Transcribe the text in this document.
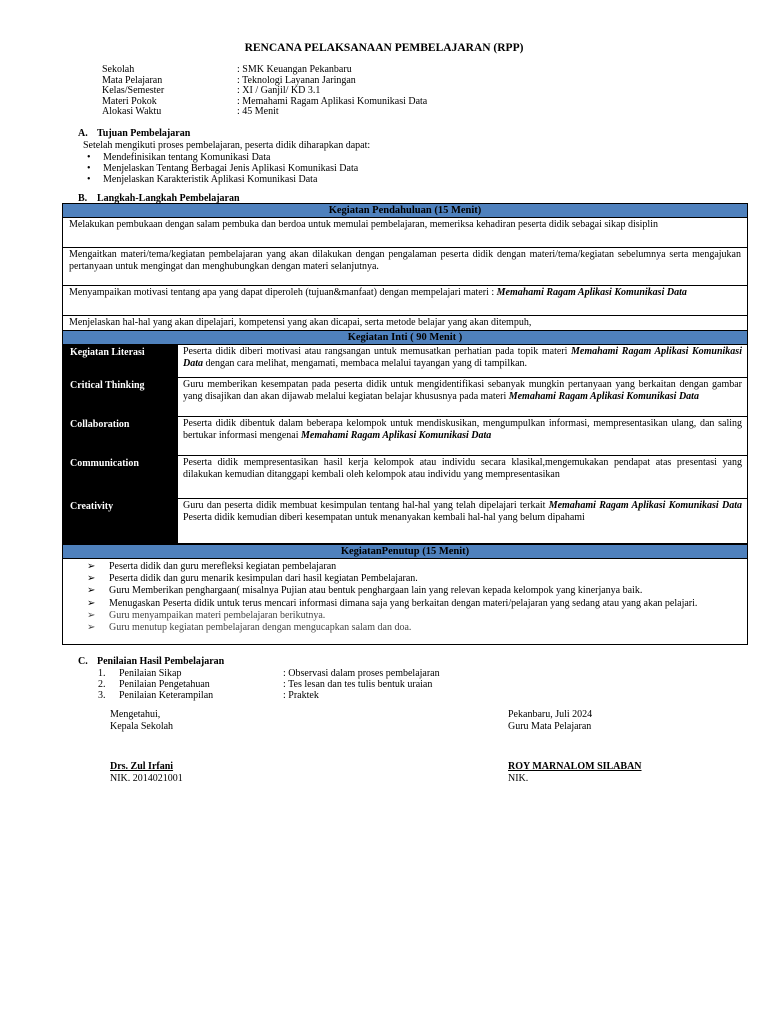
RENCANA PELAKSANAAN PEMBELAJARAN (RPP)
Sekolah	: SMK Keuangan Pekanbaru
Mata Pelajaran	: Teknologi Layanan Jaringan
Kelas/Semester	: XI / Ganjil/ KD 3.1
Materi Pokok	: Memahami Ragam Aplikasi Komunikasi Data
Alokasi Waktu	: 45 Menit
A. Tujuan Pembelajaran
Setelah mengikuti proses pembelajaran, peserta didik diharapkan dapat:
•	Mendefinisikan tentang Komunikasi Data
•	Menjelaskan Tentang Berbagai Jenis Aplikasi Komunikasi Data
•	Menjelaskan Karakteristik Aplikasi Komunikasi Data
B. Langkah-Langkah Pembelajaran
Kegiatan Pendahuluan (15 Menit)
Melakukan pembukaan dengan salam pembuka dan berdoa untuk memulai pembelajaran, memeriksa kehadiran peserta didik sebagai sikap disiplin
Mengaitkan materi/tema/kegiatan pembelajaran yang akan dilakukan dengan pengalaman peserta didik dengan materi/tema/kegiatan sebelumnya serta mengajukan pertanyaan untuk mengingat dan menghubungkan dengan materi selanjutnya.
Menyampaikan motivasi tentang apa yang dapat diperoleh (tujuan&manfaat) dengan mempelajari materi : Memahami Ragam Aplikasi Komunikasi Data
Menjelaskan hal-hal yang akan dipelajari, kompetensi yang akan dicapai, serta metode belajar yang akan ditempuh,
Kegiatan Inti ( 90 Menit )
Kegiatan Literasi	Peserta didik diberi motivasi atau rangsangan untuk memusatkan perhatian pada topik materi Memahami Ragam Aplikasi Komunikasi Data dengan cara melihat, mengamati, membaca melalui tayangan yang di tampilkan.
Critical Thinking	Guru memberikan kesempatan pada peserta didik untuk mengidentifikasi sebanyak mungkin pertanyaan yang berkaitan dengan gambar yang disajikan dan akan dijawab melalui kegiatan belajar khususnya pada materi Memahami Ragam Aplikasi Komunikasi Data
Collaboration	Peserta didik dibentuk dalam beberapa kelompok untuk mendiskusikan, mengumpulkan informasi, mempresentasikan ulang, dan saling bertukar informasi mengenai Memahami Ragam Aplikasi Komunikasi Data
Communication	Peserta didik mempresentasikan hasil kerja kelompok atau individu secara klasikal,mengemukakan pendapat atas presentasi yang dilakukan kemudian ditanggapi kembali oleh kelompok atau individu yang mempresentasikan
Creativity	Guru dan peserta didik membuat kesimpulan tentang hal-hal yang telah dipelajari terkait Memahami Ragam Aplikasi Komunikasi Data Peserta didik kemudian diberi kesempatan untuk menanyakan kembali hal-hal yang belum dipahami
KegiatanPenutup (15 Menit)
➢	Peserta didik dan guru merefleksi kegiatan pembelajaran
➢	Peserta didik dan guru menarik kesimpulan dari hasil kegiatan Pembelajaran.
➢	Guru Memberikan penghargaan( misalnya Pujian atau bentuk penghargaan lain yang relevan kepada kelompok yang kinerjanya baik.
➢	Menugaskan Peserta didik untuk terus mencari informasi dimana saja yang berkaitan dengan materi/pelajaran yang sedang atau yang akan pelajari.
➢	Guru menyampaikan materi pembelajaran berikutnya.
➢	Guru menutup kegiatan pembelajaran dengan mengucapkan salam dan doa.
C. Penilaian Hasil Pembelajaran
1.	Penilaian Sikap	: Observasi dalam proses pembelajaran
2.	Penilaian Pengetahuan	: Tes lesan dan tes tulis bentuk uraian
3.	Penilaian Keterampilan	: Praktek
Mengetahui,
Kepala Sekolah
Drs. Zul Irfani
NIK. 2014021001
Pekanbaru, Juli 2024
Guru Mata Pelajaran
ROY MARNALOM SILABAN
NIK.
